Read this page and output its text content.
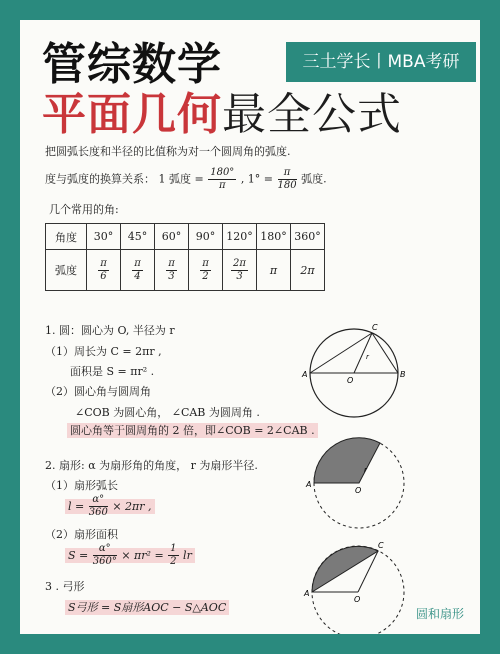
管综数学
平面几何最全公式
三土学长丨MBA考研
把圆弧长度和半径的比值称为对一个圆周角的弧度.
度与弧度的换算关系： 1 弧度 = $\frac{180^\circ}{\pi}$ , $1^\circ = \frac{\pi}{180}$ 弧度.
几个常用的角:
角度	30°	45°	60°	90°	120°	180°	360°
弧度	$\frac{\pi}{6}$	$\frac{\pi}{4}$	$\frac{\pi}{3}$	$\frac{\pi}{2}$	$\frac{2\pi}{3}$	π	2π
1. 圆：圆心为 O, 半径为 r
（1）周长为 C = 2πr ,
面积是 S = πr² .
（2）圆心角与圆周角
∠COB 为圆心角， ∠CAB 为圆周角 .
圆心角等于圆周角的 2 倍，即∠COB = 2∠CAB .
2. 扇形: α 为扇形角的角度， r 为扇形半径.
（1）扇形弧长
$l = \frac{\alpha^\circ}{360} \times 2\pi r$ ,
（2）扇形面积
$S = \frac{\alpha^\circ}{360^\circ} \times \pi r^2 = \frac{1}{2}$ lr
3 . 弓形
S弓形 = S扇形AOC − S△AOC	圆和扇形
A	B
C
O
r
A
O
r
A
O
C
